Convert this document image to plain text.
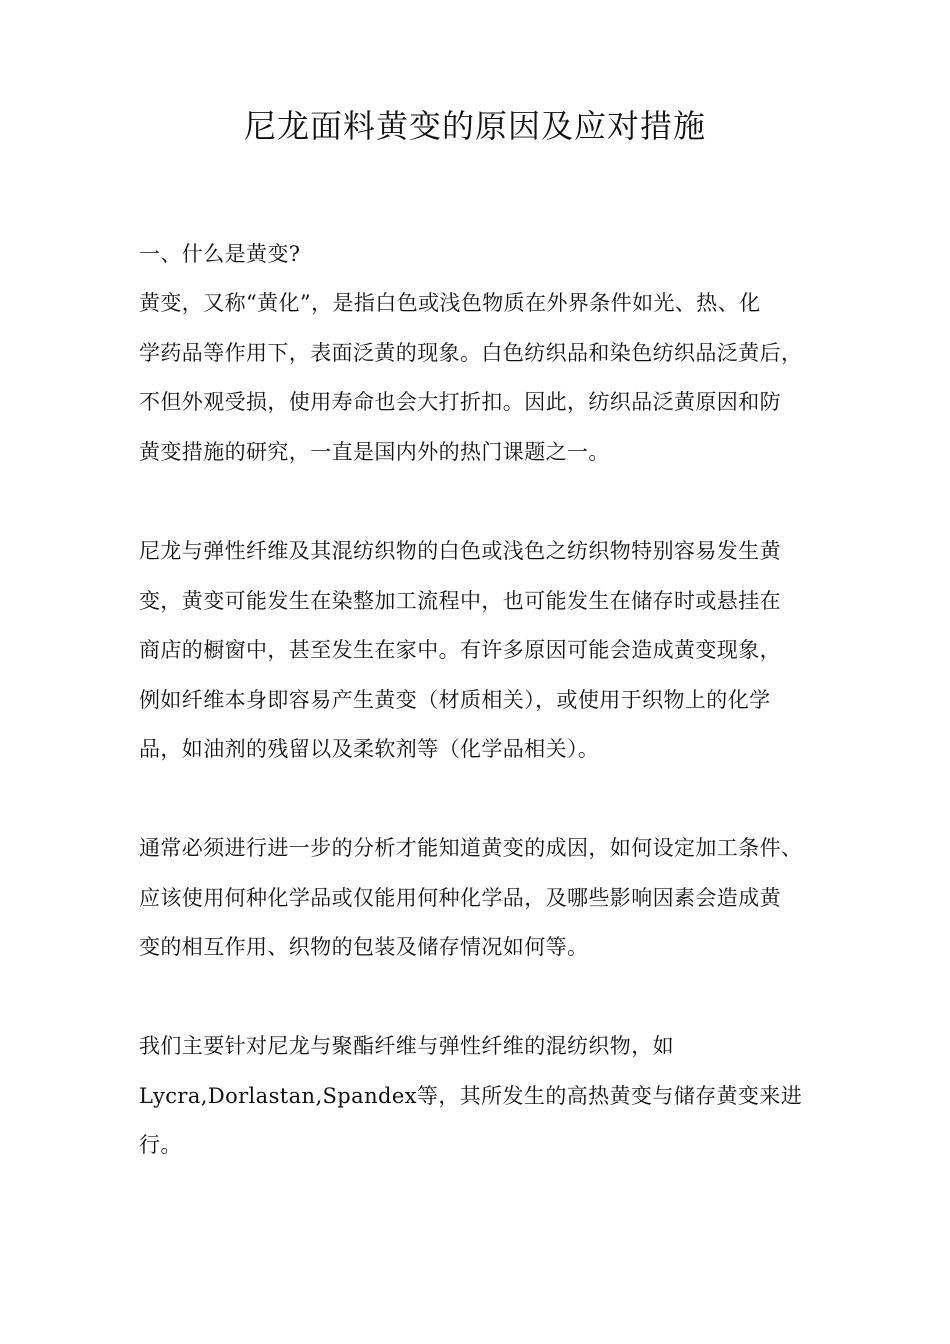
尼龙面料黄变的原因及应对措施

一、什么是黄变?

黄变，又称“黄化”，是指白色或浅色物质在外界条件如光、热、化
学药品等作用下，表面泛黄的现象。白色纺织品和染色纺织品泛黄后，
不但外观受损，使用寿命也会大打折扣。因此，纺织品泛黄原因和防
黄变措施的研究，一直是国内外的热门课题之一。

尼龙与弹性纤维及其混纺织物的白色或浅色之纺织物特别容易发生黄
变，黄变可能发生在染整加工流程中，也可能发生在储存时或悬挂在
商店的橱窗中，甚至发生在家中。有许多原因可能会造成黄变现象，
例如纤维本身即容易产生黄变（材质相关），或使用于织物上的化学
品，如油剂的残留以及柔软剂等（化学品相关）。

通常必须进行进一步的分析才能知道黄变的成因，如何设定加工条件、
应该使用何种化学品或仅能用何种化学品，及哪些影响因素会造成黄
变的相互作用、织物的包装及储存情况如何等。

我们主要针对尼龙与聚酯纤维与弹性纤维的混纺织物，如
Lycra,Dorlastan,Spandex等，其所发生的高热黄变与储存黄变来进
行。
